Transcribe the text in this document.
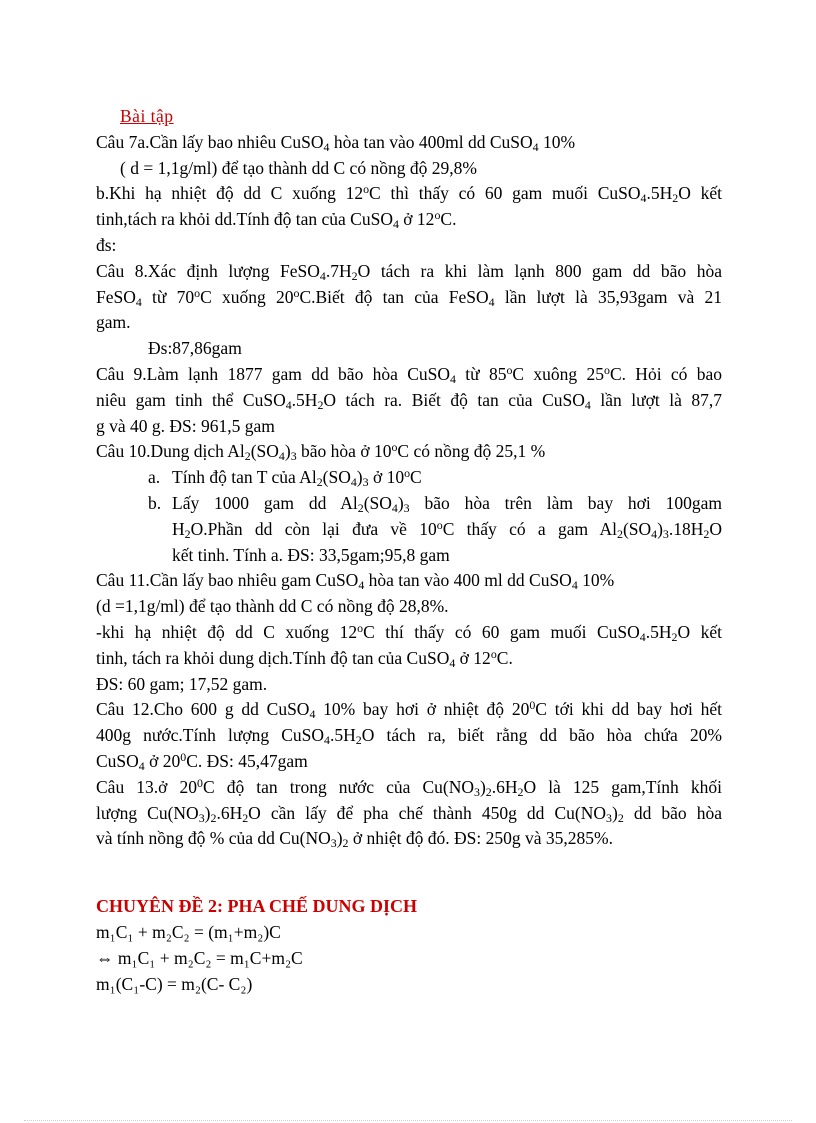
Bài tập
Câu 7a.Cần lấy bao nhiêu CuSO$_4$ hòa tan vào 400ml dd CuSO$_4$ 10%
( d = 1,1g/ml) để tạo thành dd C có nồng độ 29,8%
b.Khi hạ nhiệt độ dd C xuống 12$^o$C thì thấy có 60 gam muối $CuSO_4.5H_2O$ kết
tinh,tách ra khỏi dd.Tính độ tan của CuSO$_4$ ở 12$^o$C.
đs:
Câu 8.Xác định lượng $FeSO_4.7H_2O$ tách ra khi làm lạnh 800 gam dd bão hòa
FeSO$_4$ từ 70$^o$C xuống 20$^o$C.Biết độ tan của FeSO$_4$ lần lượt là 35,93gam và 21
gam.
Đs:87,86gam
Câu 9.Làm lạnh 1877 gam dd bão hòa CuSO$_4$ từ 85$^o$C xuông 25$^o$C. Hỏi có bao
niêu gam tinh thể $CuSO_4.5H_2O$ tách ra. Biết độ tan của CuSO$_4$ lần lượt là 87,7
g và 40 g. ĐS: 961,5 gam
Câu 10.Dung dịch $Al_2(SO_4)_3$ bão hòa ở 10$^o$C có nồng độ 25,1 %
a. Tính độ tan T của $Al_2(SO_4)_3$ ở 10$^o$C
b. Lấy 1000 gam dd $Al_2(SO_4)_3$ bão hòa trên làm bay hơi 100gam
$H_2O.Phần$ dd còn lại đưa về 10$^o$C thấy có a gam $Al_2(SO_4)_3.18H_2O$
kết tinh. Tính a. ĐS: 33,5gam;95,8 gam
Câu 11.Cần lấy bao nhiêu gam CuSO$_4$ hòa tan vào 400 ml dd CuSO$_4$ 10%
(d =1,1g/ml) để tạo thành dd C có nồng độ 28,8%.
-khi hạ nhiệt độ dd C xuống 12$^o$C thí thấy có 60 gam muối $CuSO_4.5H_2O$ kết
tinh, tách ra khỏi dung dịch.Tính độ tan của CuSO$_4$ ở 12$^o$C.
ĐS: 60 gam; 17,52 gam.
Câu 12.Cho 600 g dd CuSO$_4$ 10% bay hơi ở nhiệt độ $20^0C$ tới khi dd bay hơi hết
400g nước.Tính lượng $CuSO_4.5H_2O$ tách ra, biết rằng dd bão hòa chứa 20%
CuSO$_4$ ở $20^0C$. ĐS: 45,47gam
Câu 13.ở $20^0C$ độ tan trong nước của $Cu(NO_3)_2.6H_2O$ là 125 gam,Tính khối
lượng $Cu(NO_3)_2.6H_2O$ cần lấy để pha chế thành 450g dd $Cu(NO_3)_2$ dd bão hòa
và tính nồng độ % của dd $Cu(NO_3)_2$ ở nhiệt độ đó. ĐS: 250g và 35,285%.
CHUYÊN ĐỀ 2: PHA CHẾ DUNG DỊCH
m₁C₁ + m₂C₂ = (m₁+m₂)C
⇔ m₁C₁ + m₂C₂ = m₁C+m₂C
m₁(C₁-C) = m₂(C- C₂)
